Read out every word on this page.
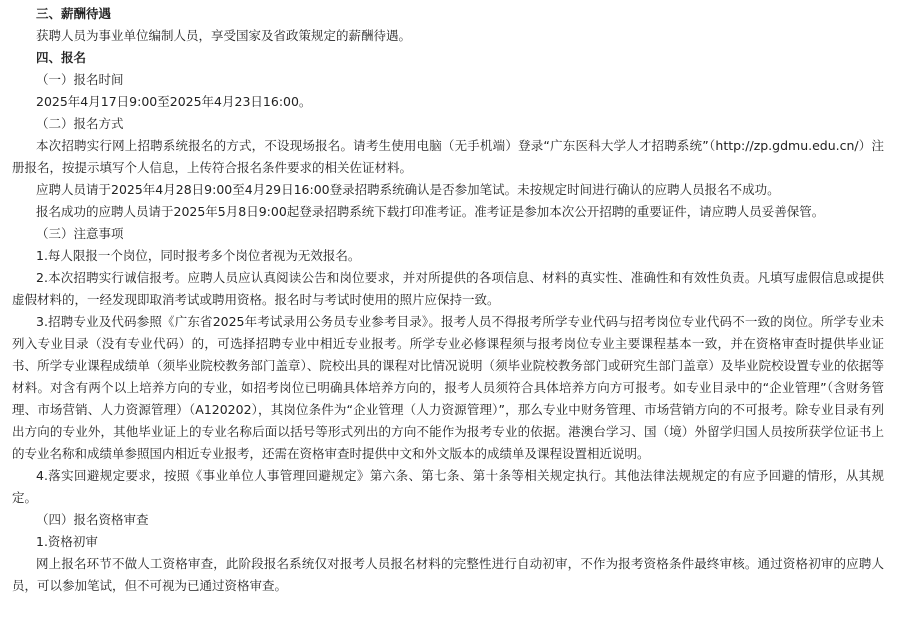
三、薪酬待遇
获聘人员为事业单位编制人员，享受国家及省政策规定的薪酬待遇。
四、报名
（一）报名时间
2025年4月17日9:00至2025年4月23日16:00。
（二）报名方式
本次招聘实行网上招聘系统报名的方式，不设现场报名。请考生使用电脑（无手机端）登录“广东医科大学人才招聘系统”（http://zp.gdmu.edu.cn/）注册报名，按提示填写个人信息，上传符合报名条件要求的相关佐证材料。
应聘人员请于2025年4月28日9:00至4月29日16:00登录招聘系统确认是否参加笔试。未按规定时间进行确认的应聘人员报名不成功。
报名成功的应聘人员请于2025年5月8日9:00起登录招聘系统下载打印准考证。准考证是参加本次公开招聘的重要证件，请应聘人员妥善保管。
（三）注意事项
1.每人限报一个岗位，同时报考多个岗位者视为无效报名。
2.本次招聘实行诚信报考。应聘人员应认真阅读公告和岗位要求，并对所提供的各项信息、材料的真实性、准确性和有效性负责。凡填写虚假信息或提供虚假材料的，一经发现即取消考试或聘用资格。报名时与考试时使用的照片应保持一致。
3.招聘专业及代码参照《广东省2025年考试录用公务员专业参考目录》。报考人员不得报考所学专业代码与招考岗位专业代码不一致的岗位。所学专业未列入专业目录（没有专业代码）的，可选择招聘专业中相近专业报考。所学专业必修课程须与报考岗位专业主要课程基本一致，并在资格审查时提供毕业证书、所学专业课程成绩单（须毕业院校教务部门盖章）、院校出具的课程对比情况说明（须毕业院校教务部门或研究生部门盖章）及毕业院校设置专业的依据等材料。对含有两个以上培养方向的专业，如招考岗位已明确具体培养方向的，报考人员须符合具体培养方向方可报考。如专业目录中的“企业管理”（含财务管理、市场营销、人力资源管理）（A120202），其岗位条件为“企业管理（人力资源管理）”，那么专业中财务管理、市场营销方向的不可报考。除专业目录有列出方向的专业外，其他毕业证上的专业名称后面以括号等形式列出的方向不能作为报考专业的依据。港澳台学习、国（境）外留学归国人员按所获学位证书上的专业名称和成绩单参照国内相近专业报考，还需在资格审查时提供中文和外文版本的成绩单及课程设置相近说明。
4.落实回避规定要求，按照《事业单位人事管理回避规定》第六条、第七条、第十条等相关规定执行。其他法律法规规定的有应予回避的情形，从其规定。
（四）报名资格审查
1.资格初审
网上报名环节不做人工资格审查，此阶段报名系统仅对报考人员报名材料的完整性进行自动初审，不作为报考资格条件最终审核。通过资格初审的应聘人员，可以参加笔试，但不可视为已通过资格审查。
